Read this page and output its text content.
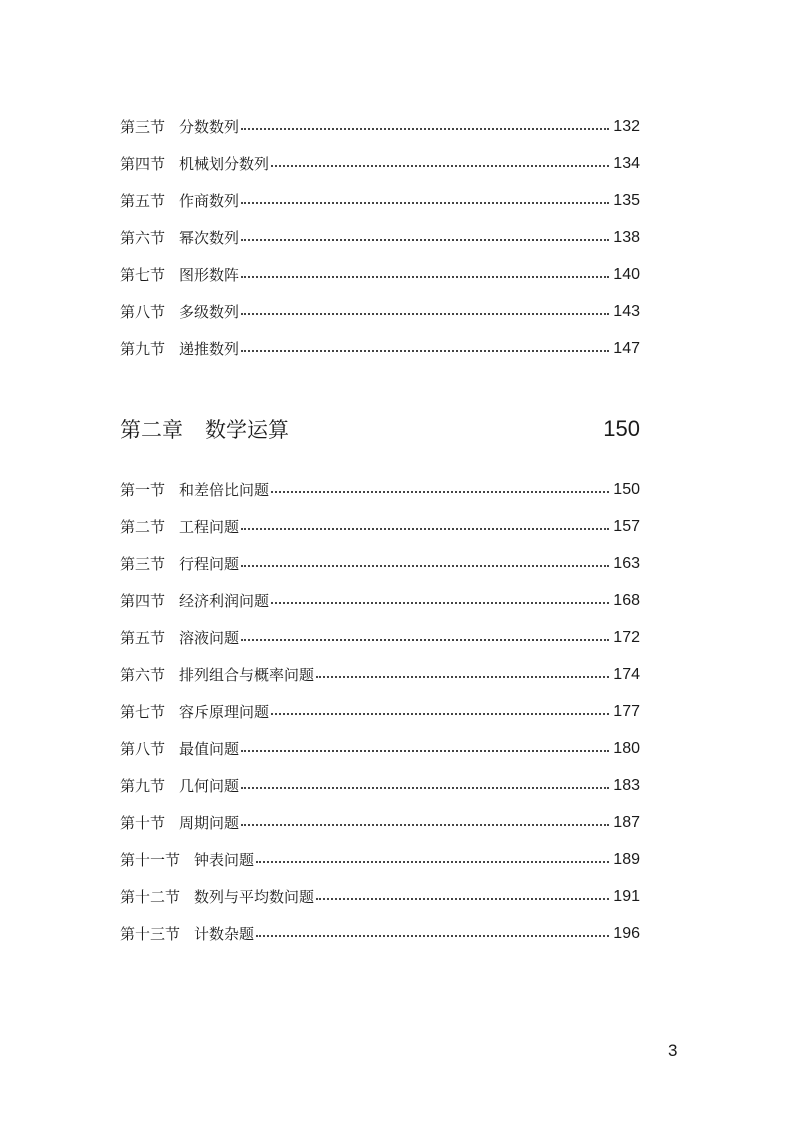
第三节 分数数列	132
第四节 机械划分数列	134
第五节 作商数列	135
第六节 幂次数列	138
第七节 图形数阵	140
第八节 多级数列	143
第九节 递推数列	147
第二章 数学运算	150
第一节 和差倍比问题	150
第二节 工程问题	157
第三节 行程问题	163
第四节 经济利润问题	168
第五节 溶液问题	172
第六节 排列组合与概率问题	174
第七节 容斥原理问题	177
第八节 最值问题	180
第九节 几何问题	183
第十节 周期问题	187
第十一节 钟表问题	189
第十二节 数列与平均数问题	191
第十三节 计数杂题	196
3
